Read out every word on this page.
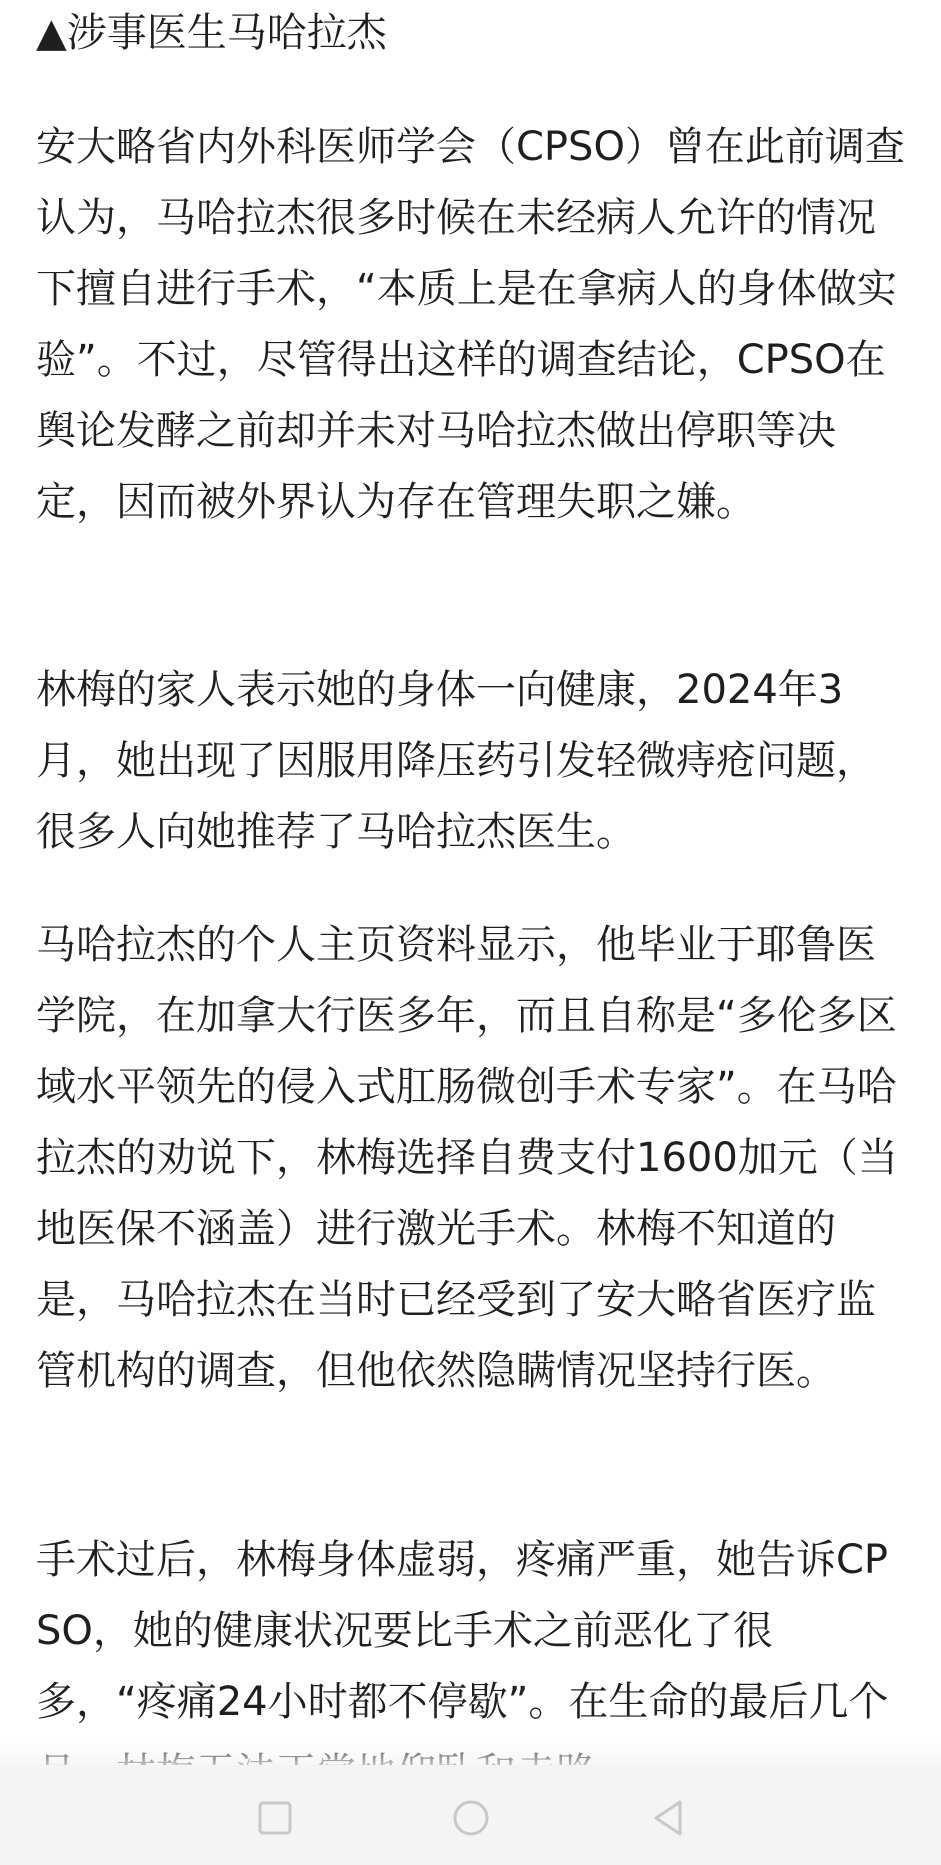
▲涉事医生马哈拉杰

安大略省内外科医师学会（CPSO）曾在此前调查认为，马哈拉杰很多时候在未经病人允许的情况下擅自进行手术，“本质上是在拿病人的身体做实验”。不过，尽管得出这样的调查结论，CPSO在舆论发酵之前却并未对马哈拉杰做出停职等决定，因而被外界认为存在管理失职之嫌。

林梅的家人表示她的身体一向健康，2024年3月，她出现了因服用降压药引发轻微痔疮问题，很多人向她推荐了马哈拉杰医生。

马哈拉杰的个人主页资料显示，他毕业于耶鲁医学院，在加拿大行医多年，而且自称是“多伦多区域水平领先的侵入式肛肠微创手术专家”。在马哈拉杰的劝说下，林梅选择自费支付1600加元（当地医保不涵盖）进行激光手术。林梅不知道的是，马哈拉杰在当时已经受到了安大略省医疗监管机构的调查，但他依然隐瞒情况坚持行医。

手术过后，林梅身体虚弱，疼痛严重，她告诉CPSO，她的健康状况要比手术之前恶化了很多，“疼痛24小时都不停歇”。在生命的最后几个
